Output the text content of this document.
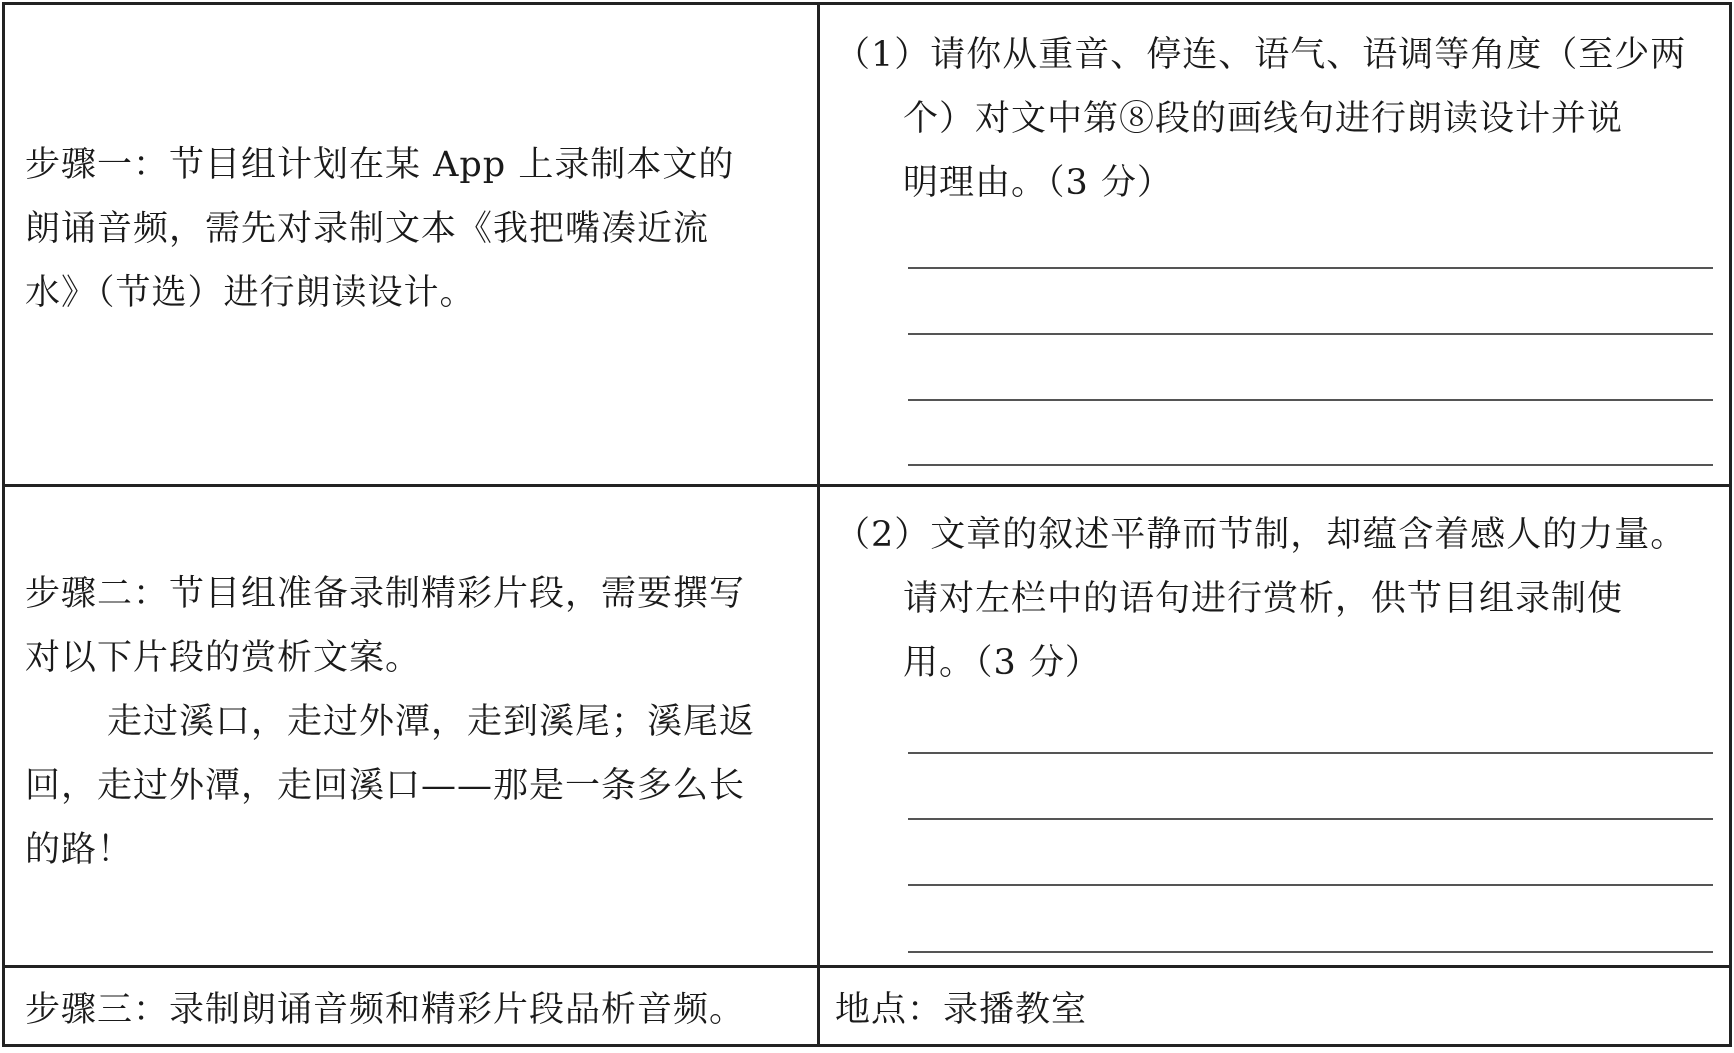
步骤一：节目组计划在某 App 上录制本文的
朗诵音频，需先对录制文本《我把嘴凑近流
水》（节选）进行朗读设计。
（1）请你从重音、停连、语气、语调等角度（至少两
个）对文中第⑧段的画线句进行朗读设计并说
明理由。（3 分）
步骤二：节目组准备录制精彩片段，需要撰写
对以下片段的赏析文案。
走过溪口，走过外潭，走到溪尾；溪尾返
回，走过外潭，走回溪口——那是一条多么长
的路！
（2）文章的叙述平静而节制，却蕴含着感人的力量。
请对左栏中的语句进行赏析，供节目组录制使
用。（3 分）
步骤三：录制朗诵音频和精彩片段品析音频。	地点：录播教室
